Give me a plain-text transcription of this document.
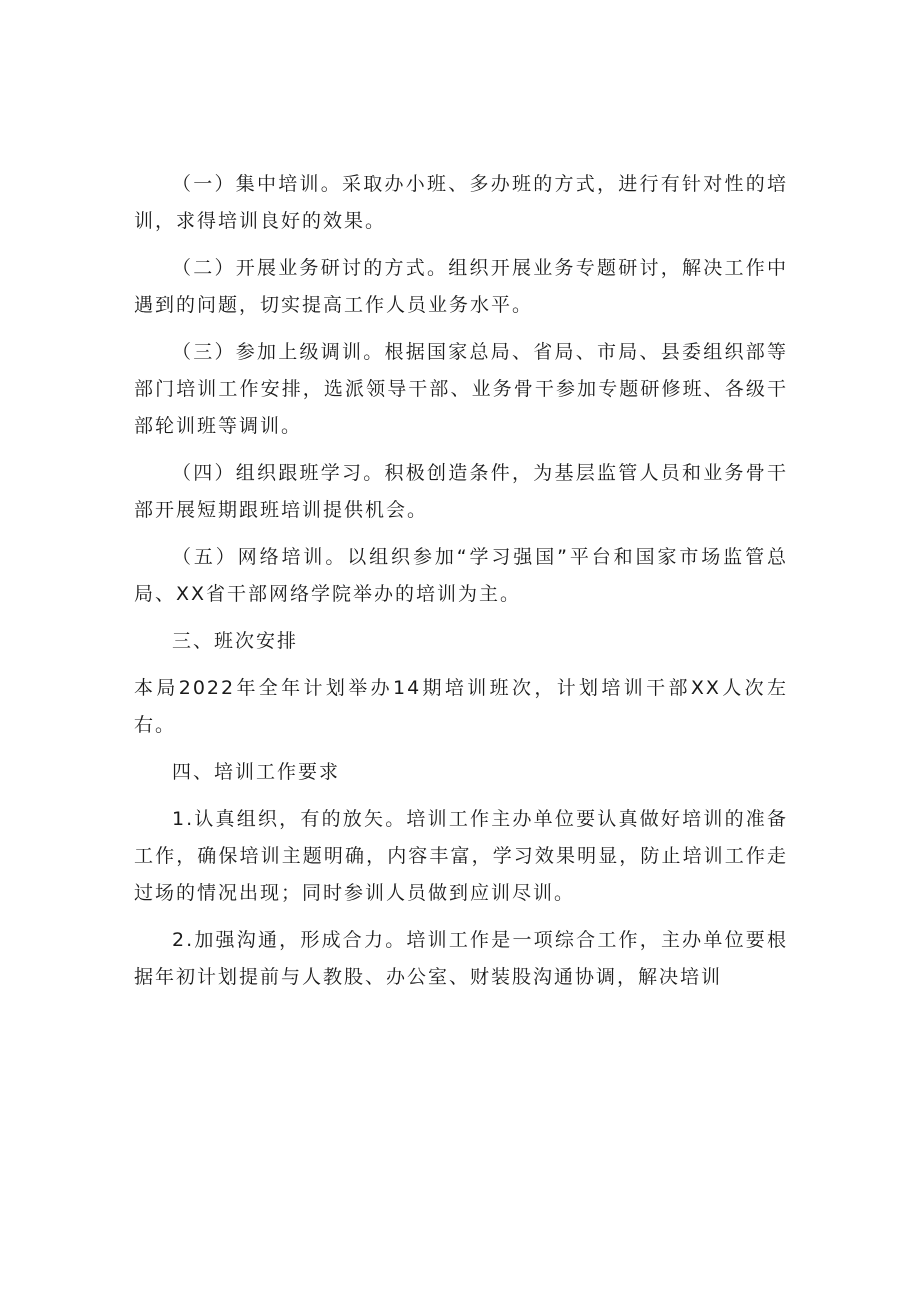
（一）集中培训。采取办小班、多办班的方式，进行有针对性的培训，求得培训良好的效果。

（二）开展业务研讨的方式。组织开展业务专题研讨，解决工作中遇到的问题，切实提高工作人员业务水平。

（三）参加上级调训。根据国家总局、省局、市局、县委组织部等部门培训工作安排，选派领导干部、业务骨干参加专题研修班、各级干部轮训班等调训。

（四）组织跟班学习。积极创造条件，为基层监管人员和业务骨干部开展短期跟班培训提供机会。

（五）网络培训。以组织参加“学习强国”平台和国家市场监管总局、XX省干部网络学院举办的培训为主。

三、班次安排

本局2022年全年计划举办14期培训班次，计划培训干部XX人次左右。

四、培训工作要求

1.认真组织，有的放矢。培训工作主办单位要认真做好培训的准备工作，确保培训主题明确，内容丰富，学习效果明显，防止培训工作走过场的情况出现；同时参训人员做到应训尽训。

2.加强沟通，形成合力。培训工作是一项综合工作，主办单位要根据年初计划提前与人教股、办公室、财装股沟通协调，解决培训
